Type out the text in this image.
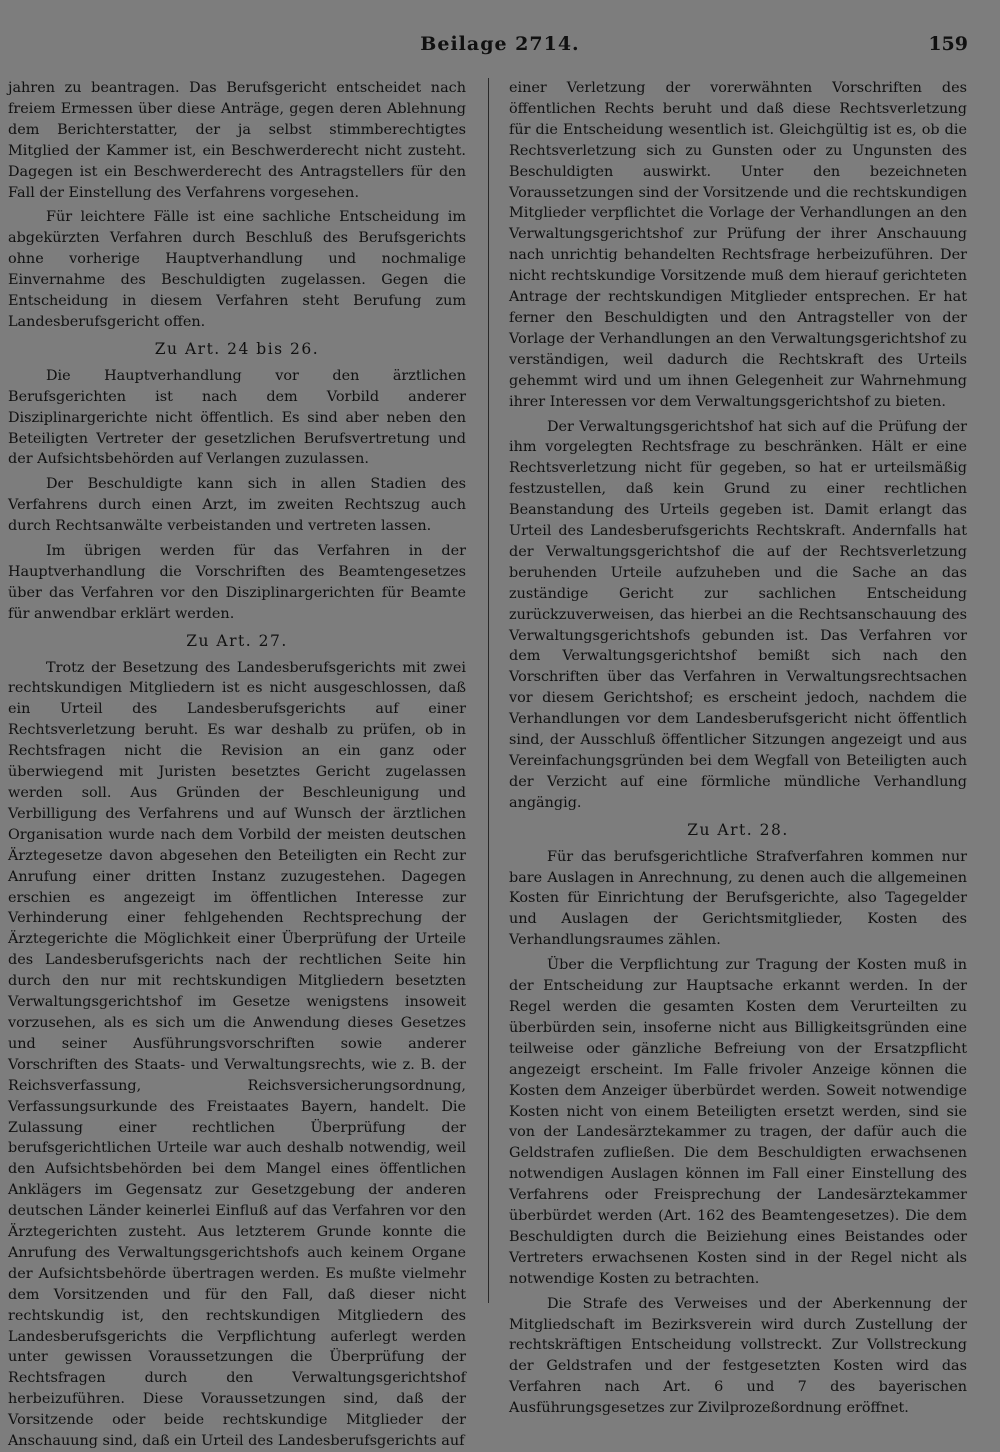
Beilage 2714.	159

jahren zu beantragen. Das Berufsgericht entscheidet nach freiem Ermessen über diese Anträge, gegen deren Ablehnung dem Berichterstatter, der ja selbst stimmberechtigtes Mitglied der Kammer ist, ein Beschwerderecht nicht zusteht. Dagegen ist ein Beschwerderecht des Antragstellers für den Fall der Einstellung des Verfahrens vorgesehen.

Für leichtere Fälle ist eine sachliche Entscheidung im abgekürzten Verfahren durch Beschluß des Berufsgerichts ohne vorherige Hauptverhandlung und nochmalige Einvernahme des Beschuldigten zugelassen. Gegen die Entscheidung in diesem Verfahren steht Berufung zum Landesberufsgericht offen.

Zu Art. 24 bis 26.

Die Hauptverhandlung vor den ärztlichen Berufsgerichten ist nach dem Vorbild anderer Disziplinargerichte nicht öffentlich. Es sind aber neben den Beteiligten Vertreter der gesetzlichen Berufsvertretung und der Aufsichtsbehörden auf Verlangen zuzulassen.

Der Beschuldigte kann sich in allen Stadien des Verfahrens durch einen Arzt, im zweiten Rechtszug auch durch Rechtsanwälte verbeistanden und vertreten lassen.

Im übrigen werden für das Verfahren in der Hauptverhandlung die Vorschriften des Beamtengesetzes über das Verfahren vor den Disziplinargerichten für Beamte für anwendbar erklärt werden.

Zu Art. 27.

Trotz der Besetzung des Landesberufsgerichts mit zwei rechtskundigen Mitgliedern ist es nicht ausgeschlossen, daß ein Urteil des Landesberufsgerichts auf einer Rechtsverletzung beruht. Es war deshalb zu prüfen, ob in Rechtsfragen nicht die Revision an ein ganz oder überwiegend mit Juristen besetztes Gericht zugelassen werden soll. Aus Gründen der Beschleunigung und Verbilligung des Verfahrens und auf Wunsch der ärztlichen Organisation wurde nach dem Vorbild der meisten deutschen Ärztegesetze davon abgesehen den Beteiligten ein Recht zur Anrufung einer dritten Instanz zuzugestehen. Dagegen erschien es angezeigt im öffentlichen Interesse zur Verhinderung einer fehlgehenden Rechtsprechung der Ärztegerichte die Möglichkeit einer Überprüfung der Urteile des Landesberufsgerichts nach der rechtlichen Seite hin durch den nur mit rechtskundigen Mitgliedern besetzten Verwaltungsgerichtshof im Gesetze wenigstens insoweit vorzusehen, als es sich um die Anwendung dieses Gesetzes und seiner Ausführungsvorschriften sowie anderer Vorschriften des Staats- und Verwaltungsrechts, wie z. B. der Reichsverfassung, Reichsversicherungsordnung, Verfassungsurkunde des Freistaates Bayern, handelt. Die Zulassung einer rechtlichen Überprüfung der berufsgerichtlichen Urteile war auch deshalb notwendig, weil den Aufsichtsbehörden bei dem Mangel eines öffentlichen Anklägers im Gegensatz zur Gesetzgebung der anderen deutschen Länder keinerlei Einfluß auf das Verfahren vor den Ärztegerichten zusteht. Aus letzterem Grunde konnte die Anrufung des Verwaltungsgerichtshofs auch keinem Organe der Aufsichtsbehörde übertragen werden. Es mußte vielmehr dem Vorsitzenden und für den Fall, daß dieser nicht rechtskundig ist, den rechtskundigen Mitgliedern des Landesberufsgerichts die Verpflichtung auferlegt werden unter gewissen Voraussetzungen die Überprüfung der Rechtsfragen durch den Verwaltungsgerichtshof herbeizuführen. Diese Voraussetzungen sind, daß der Vorsitzende oder beide rechtskundige Mitglieder der Anschauung sind, daß ein Urteil des Landesberufsgerichts auf

einer Verletzung der vorerwähnten Vorschriften des öffentlichen Rechts beruht und daß diese Rechtsverletzung für die Entscheidung wesentlich ist. Gleichgültig ist es, ob die Rechtsverletzung sich zu Gunsten oder zu Ungunsten des Beschuldigten auswirkt. Unter den bezeichneten Voraussetzungen sind der Vorsitzende und die rechtskundigen Mitglieder verpflichtet die Vorlage der Verhandlungen an den Verwaltungsgerichtshof zur Prüfung der ihrer Anschauung nach unrichtig behandelten Rechtsfrage herbeizuführen. Der nicht rechtskundige Vorsitzende muß dem hierauf gerichteten Antrage der rechtskundigen Mitglieder entsprechen. Er hat ferner den Beschuldigten und den Antragsteller von der Vorlage der Verhandlungen an den Verwaltungsgerichtshof zu verständigen, weil dadurch die Rechtskraft des Urteils gehemmt wird und um ihnen Gelegenheit zur Wahrnehmung ihrer Interessen vor dem Verwaltungsgerichtshof zu bieten.

Der Verwaltungsgerichtshof hat sich auf die Prüfung der ihm vorgelegten Rechtsfrage zu beschränken. Hält er eine Rechtsverletzung nicht für gegeben, so hat er urteilsmäßig festzustellen, daß kein Grund zu einer rechtlichen Beanstandung des Urteils gegeben ist. Damit erlangt das Urteil des Landesberufsgerichts Rechtskraft. Andernfalls hat der Verwaltungsgerichtshof die auf der Rechtsverletzung beruhenden Urteile aufzuheben und die Sache an das zuständige Gericht zur sachlichen Entscheidung zurückzuverweisen, das hierbei an die Rechtsanschauung des Verwaltungsgerichtshofs gebunden ist. Das Verfahren vor dem Verwaltungsgerichtshof bemißt sich nach den Vorschriften über das Verfahren in Verwaltungsrechtsachen vor diesem Gerichtshof; es erscheint jedoch, nachdem die Verhandlungen vor dem Landesberufsgericht nicht öffentlich sind, der Ausschluß öffentlicher Sitzungen angezeigt und aus Vereinfachungsgründen bei dem Wegfall von Beteiligten auch der Verzicht auf eine förmliche mündliche Verhandlung angängig.

Zu Art. 28.

Für das berufsgerichtliche Strafverfahren kommen nur bare Auslagen in Anrechnung, zu denen auch die allgemeinen Kosten für Einrichtung der Berufsgerichte, also Tagegelder und Auslagen der Gerichtsmitglieder, Kosten des Verhandlungsraumes zählen.

Über die Verpflichtung zur Tragung der Kosten muß in der Entscheidung zur Hauptsache erkannt werden. In der Regel werden die gesamten Kosten dem Verurteilten zu überbürden sein, insoferne nicht aus Billigkeitsgründen eine teilweise oder gänzliche Befreiung von der Ersatzpflicht angezeigt erscheint. Im Falle frivoler Anzeige können die Kosten dem Anzeiger überbürdet werden. Soweit notwendige Kosten nicht von einem Beteiligten ersetzt werden, sind sie von der Landesärztekammer zu tragen, der dafür auch die Geldstrafen zufließen. Die dem Beschuldigten erwachsenen notwendigen Auslagen können im Fall einer Einstellung des Verfahrens oder Freisprechung der Landesärztekammer überbürdet werden (Art. 162 des Beamtengesetzes). Die dem Beschuldigten durch die Beiziehung eines Beistandes oder Vertreters erwachsenen Kosten sind in der Regel nicht als notwendige Kosten zu betrachten.

Die Strafe des Verweises und der Aberkennung der Mitgliedschaft im Bezirksverein wird durch Zustellung der rechtskräftigen Entscheidung vollstreckt. Zur Vollstreckung der Geldstrafen und der festgesetzten Kosten wird das Verfahren nach Art. 6 und 7 des bayerischen Ausführungsgesetzes zur Zivilprozeßordnung eröffnet.
